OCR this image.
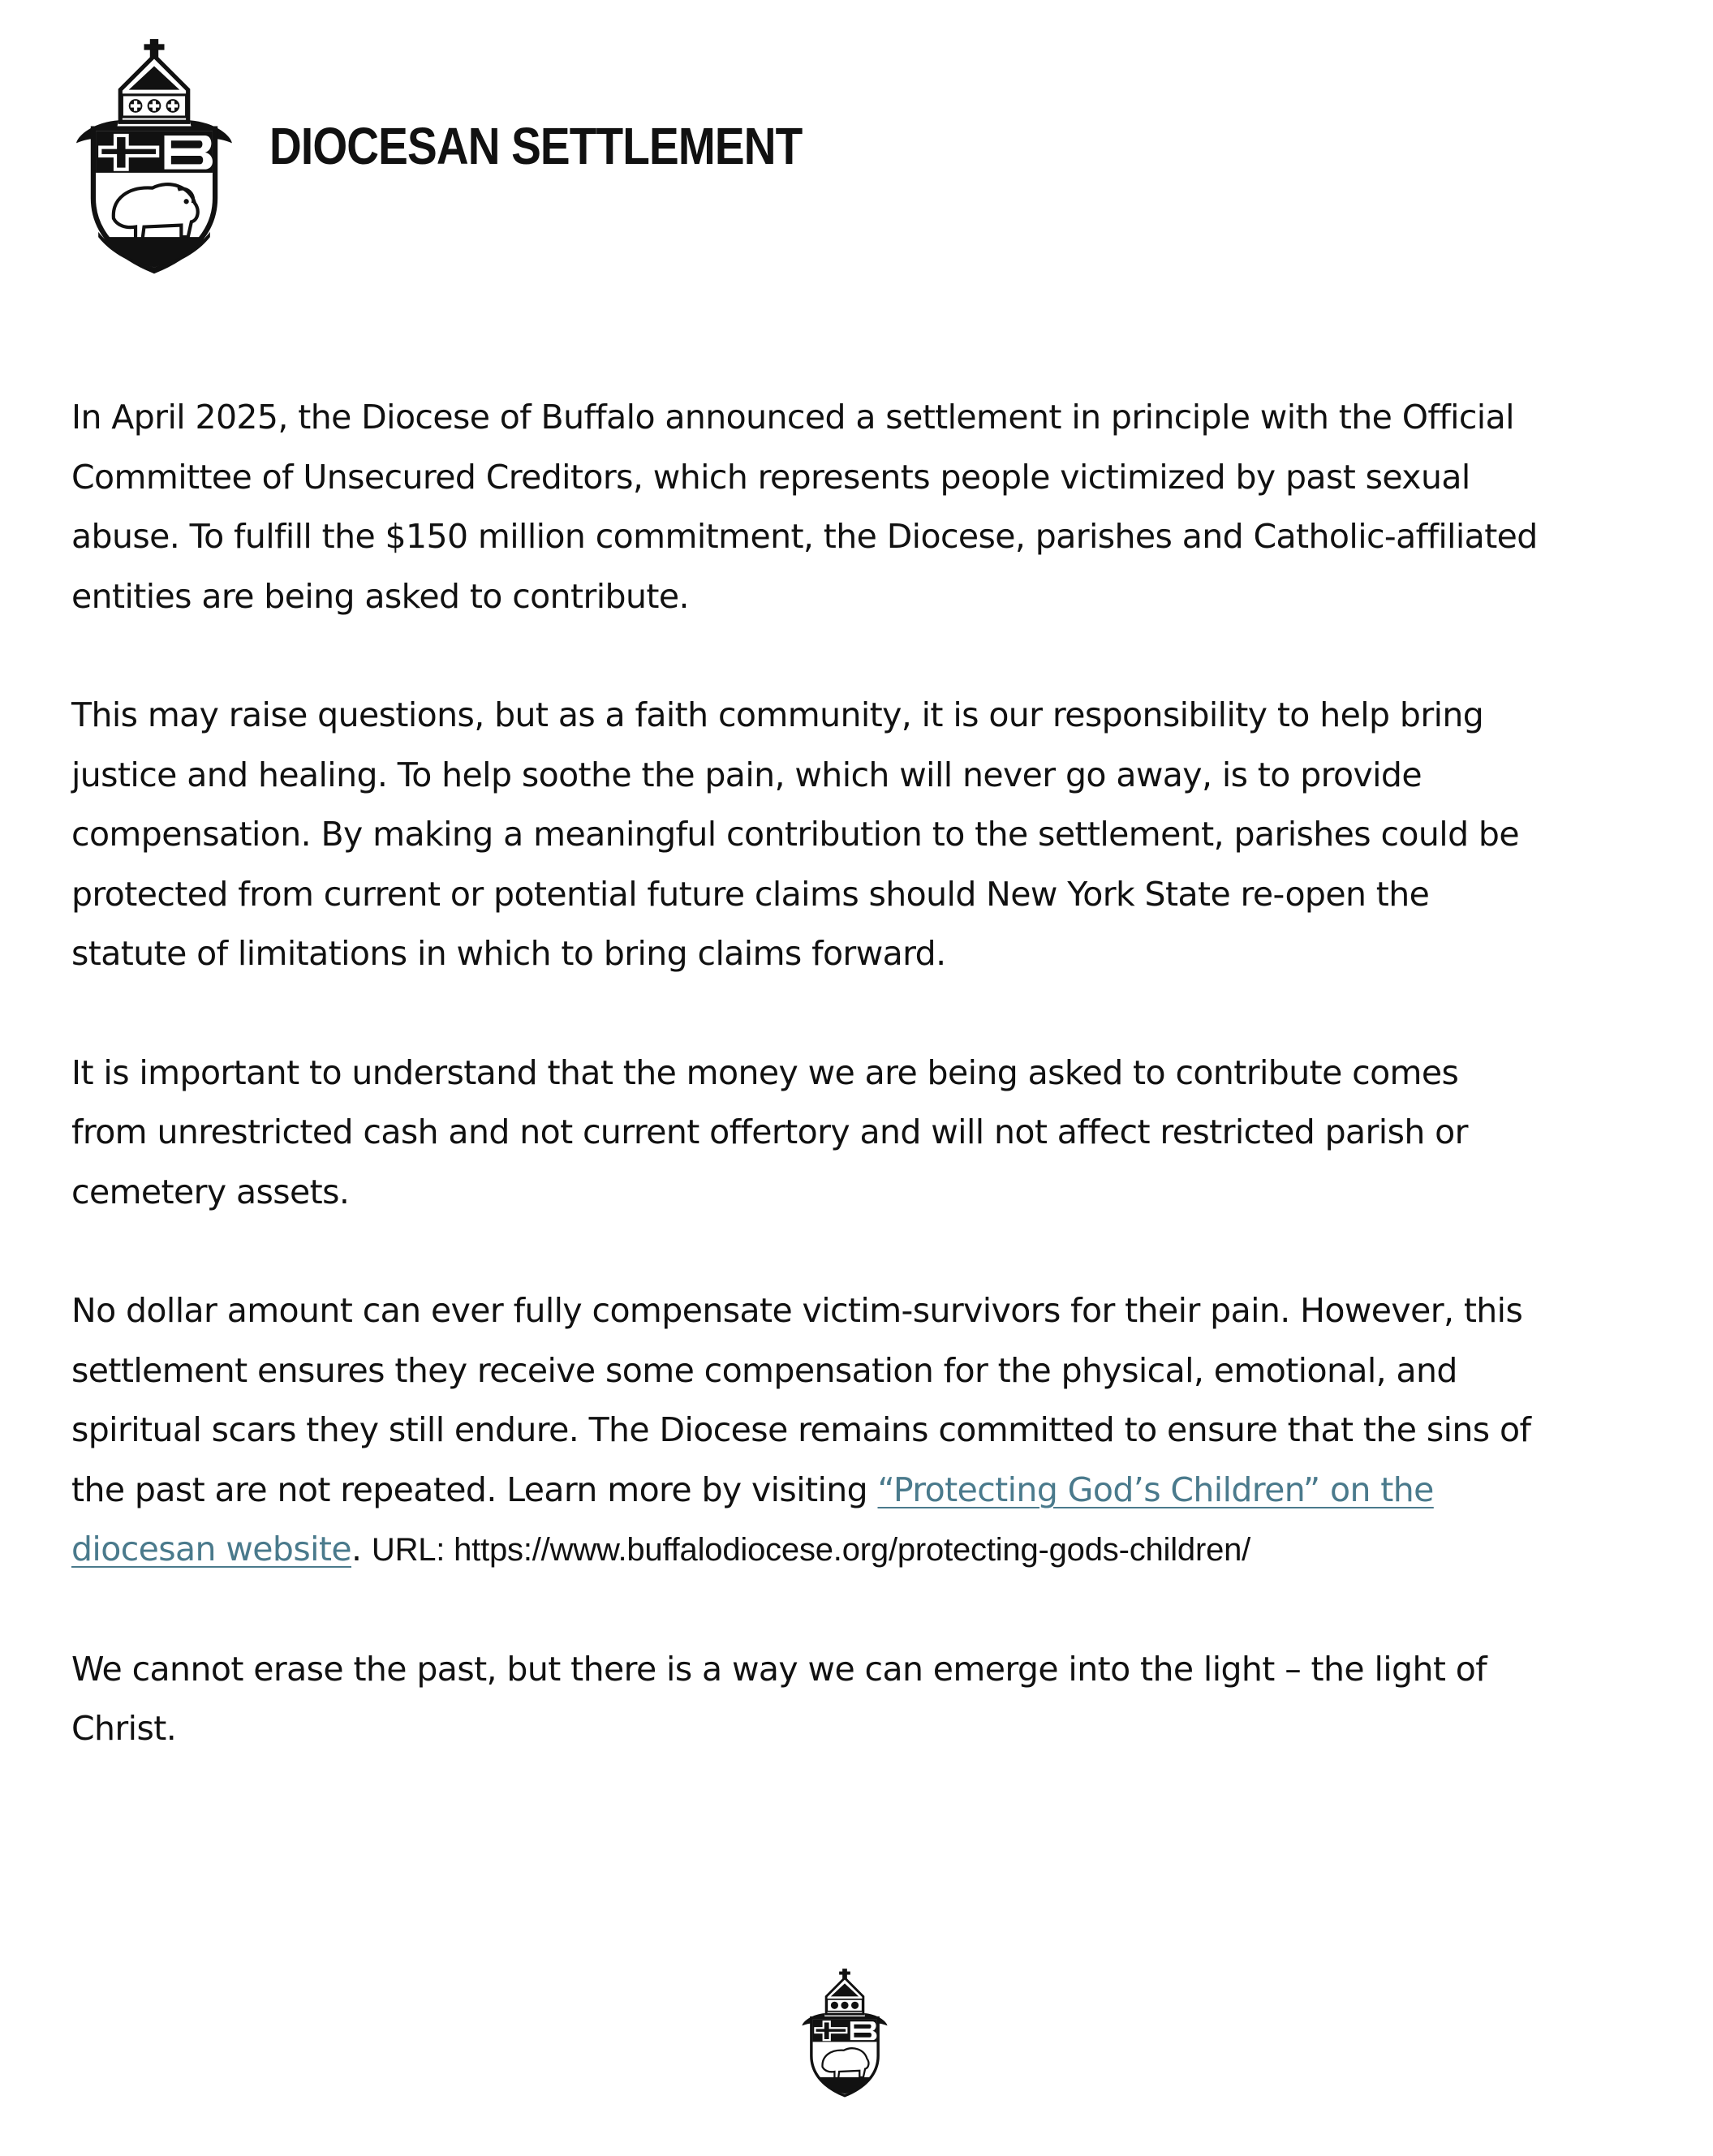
DIOCESAN SETTLEMENT

In April 2025, the Diocese of Buffalo announced a settlement in principle with the Official
Committee of Unsecured Creditors, which represents people victimized by past sexual
abuse. To fulfill the $150 million commitment, the Diocese, parishes and Catholic-affiliated
entities are being asked to contribute.

This may raise questions, but as a faith community, it is our responsibility to help bring
justice and healing. To help soothe the pain, which will never go away, is to provide
compensation. By making a meaningful contribution to the settlement, parishes could be
protected from current or potential future claims should New York State re-open the
statute of limitations in which to bring claims forward.

It is important to understand that the money we are being asked to contribute comes
from unrestricted cash and not current offertory and will not affect restricted parish or
cemetery assets.

No dollar amount can ever fully compensate victim-survivors for their pain. However, this
settlement ensures they receive some compensation for the physical, emotional, and
spiritual scars they still endure. The Diocese remains committed to ensure that the sins of
the past are not repeated. Learn more by visiting “Protecting God’s Children” on the
diocesan website. URL: https://www.buffalodiocese.org/protecting-gods-children/

We cannot erase the past, but there is a way we can emerge into the light – the light of
Christ.
